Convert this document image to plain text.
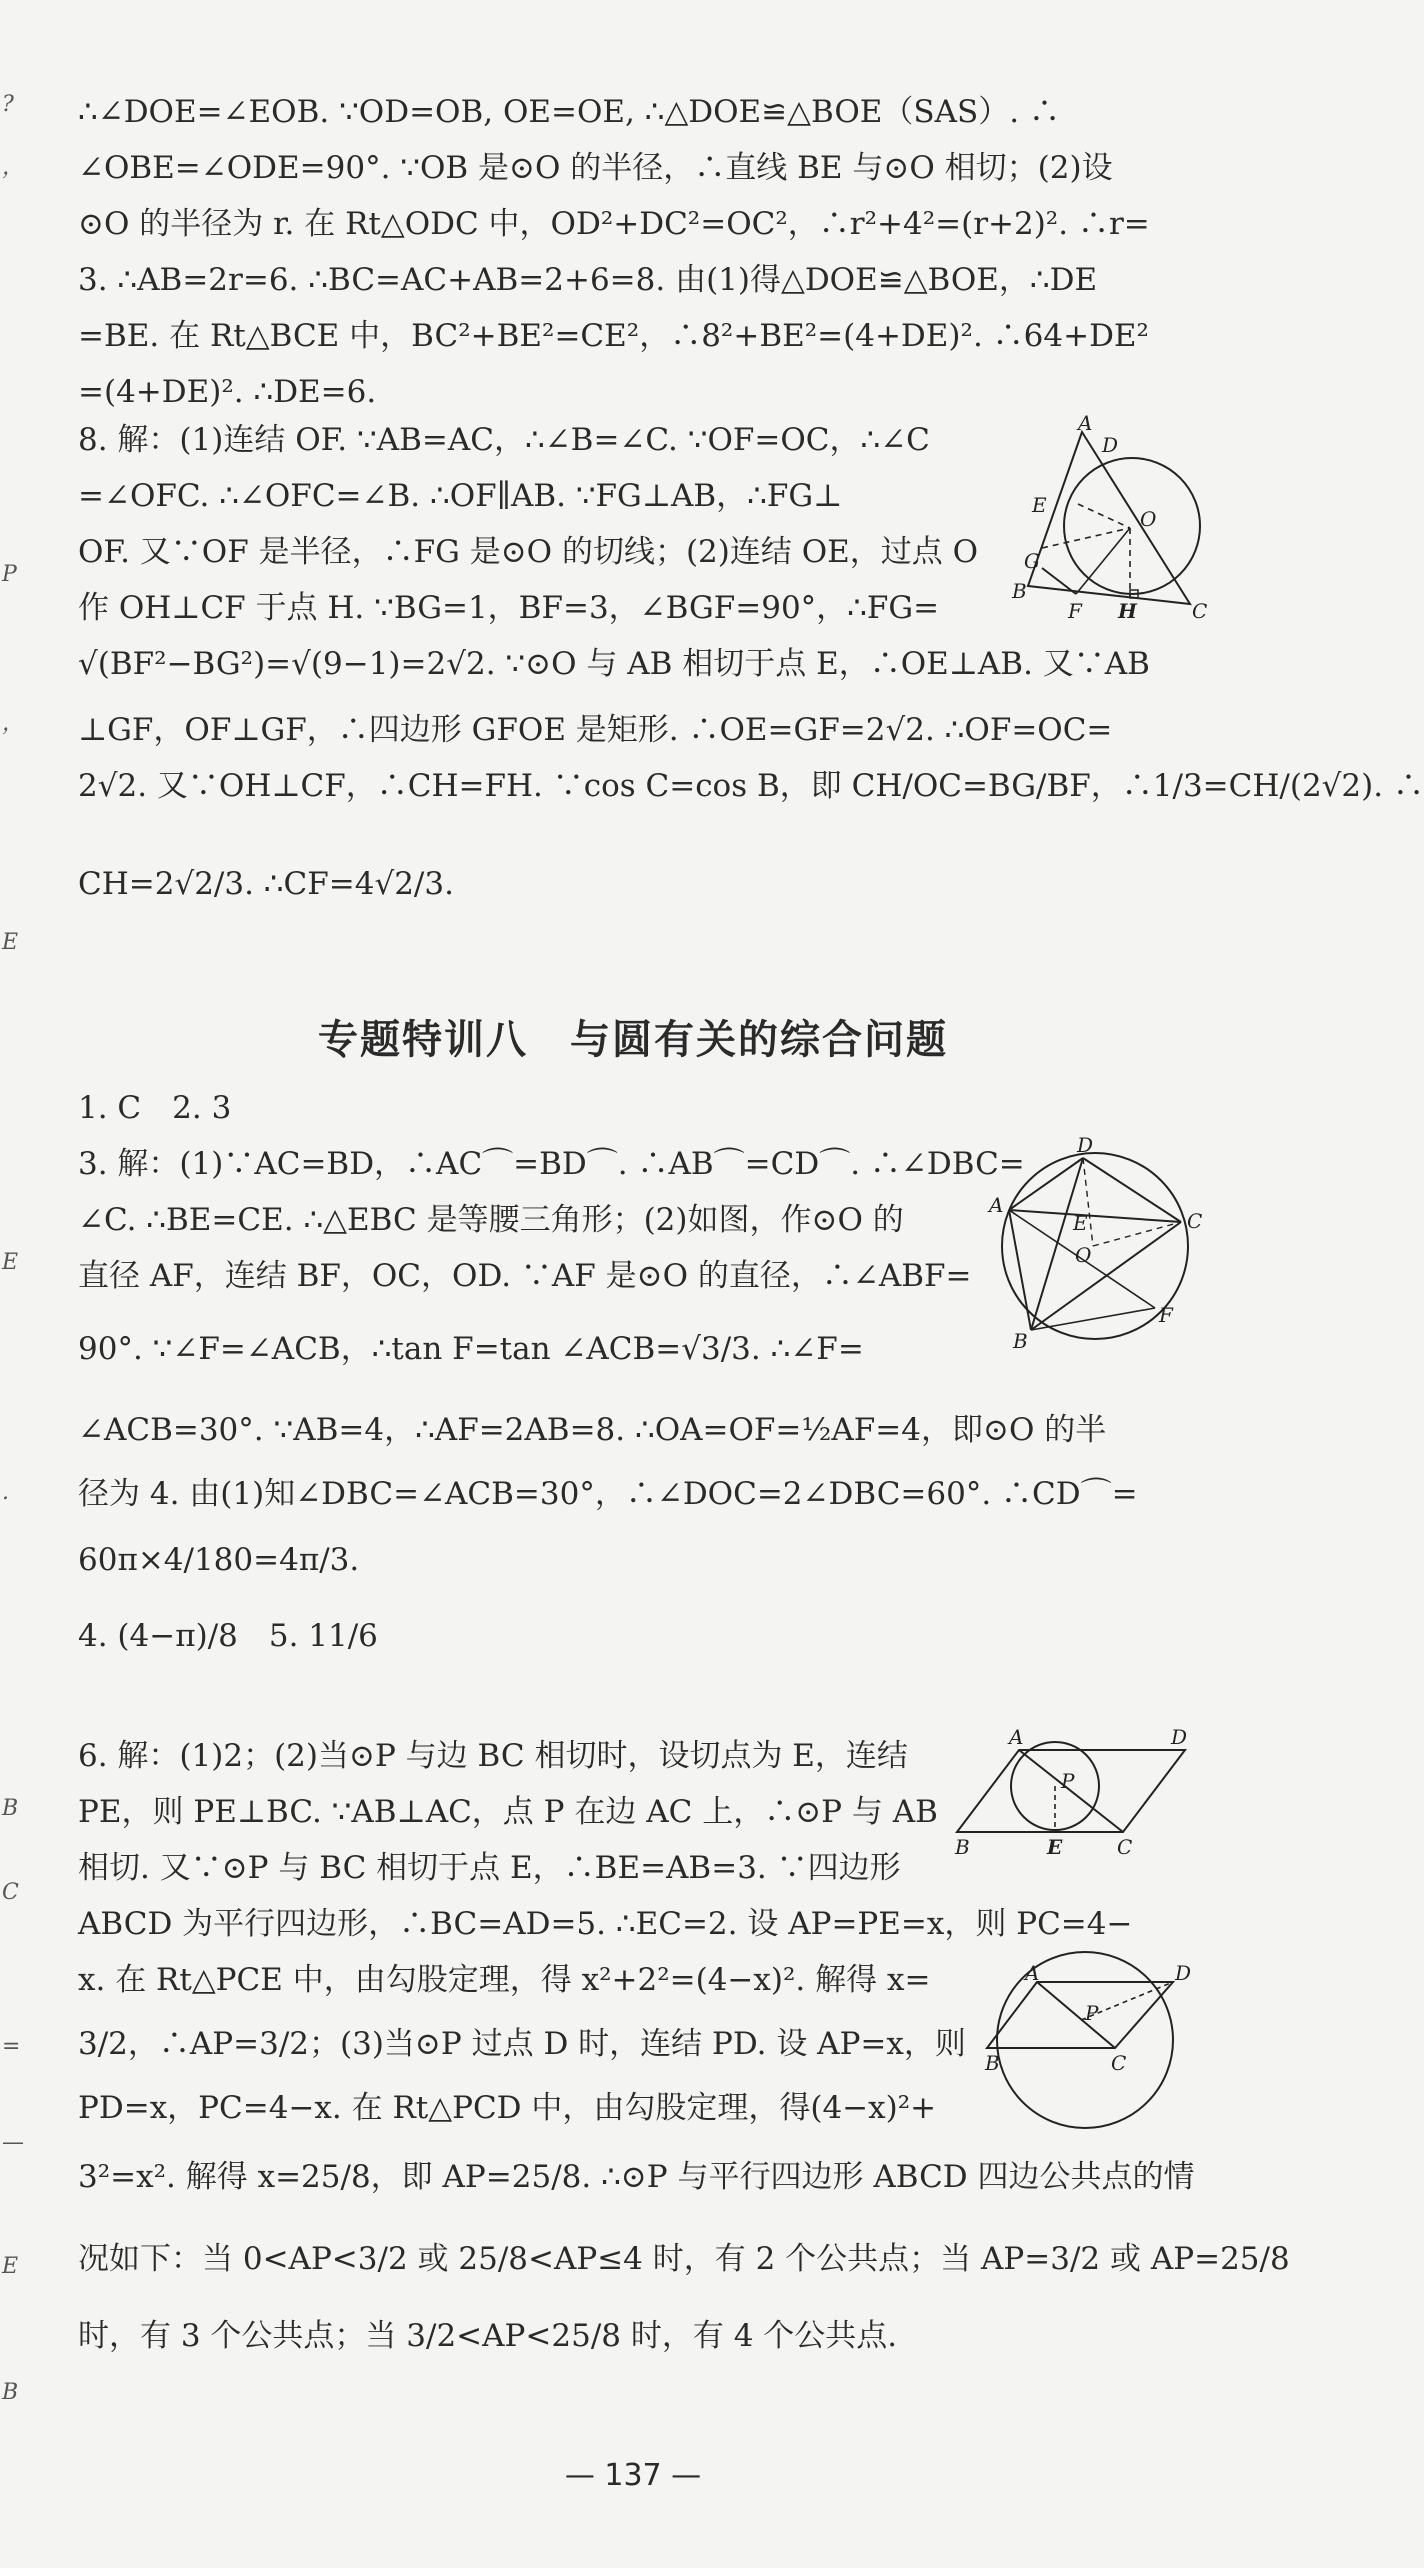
?
，
P
，
E
E
.
B
C
=
—
E
B
∴∠DOE=∠EOB. ∵OD=OB, OE=OE, ∴△DOE≌△BOE（SAS）. ∴
∠OBE=∠ODE=90°. ∵OB 是⊙O 的半径，∴直线 BE 与⊙O 相切；(2)设
⊙O 的半径为 r. 在 Rt△ODC 中，OD²+DC²=OC²，∴r²+4²=(r+2)². ∴r=
3. ∴AB=2r=6. ∴BC=AC+AB=2+6=8. 由(1)得△DOE≌△BOE，∴DE
=BE. 在 Rt△BCE 中，BC²+BE²=CE²，∴8²+BE²=(4+DE)². ∴64+DE²
=(4+DE)². ∴DE=6.
8. 解：(1)连结 OF. ∵AB=AC，∴∠B=∠C. ∵OF=OC，∴∠C
=∠OFC. ∴∠OFC=∠B. ∴OF∥AB. ∵FG⊥AB，∴FG⊥
OF. 又∵OF 是半径，∴FG 是⊙O 的切线；(2)连结 OE，过点 O
作 OH⊥CF 于点 H. ∵BG=1，BF=3，∠BGF=90°，∴FG=
√(BF²−BG²)=√(9−1)=2√2. ∵⊙O 与 AB 相切于点 E，∴OE⊥AB. 又∵AB
⊥GF，OF⊥GF，∴四边形 GFOE 是矩形. ∴OE=GF=2√2. ∴OF=OC=
2√2. 又∵OH⊥CF，∴CH=FH. ∵cos C=cos B，即 CH/OC=BG/BF，∴1/3=CH/(2√2). ∴
CH=2√2/3. ∴CF=4√2/3.
A
D
E
O
G
B
F H	C
专题特训八　与圆有关的综合问题
1. C　2. 3
3. 解：(1)∵AC=BD，∴AC⌒=BD⌒. ∴AB⌒=CD⌒. ∴∠DBC=
∠C. ∴BE=CE. ∴△EBC 是等腰三角形；(2)如图，作⊙O 的
直径 AF，连结 BF，OC，OD. ∵AF 是⊙O 的直径，∴∠ABF=
90°. ∵∠F=∠ACB，∴tan F=tan ∠ACB=√3/3. ∴∠F=
∠ACB=30°. ∵AB=4，∴AF=2AB=8. ∴OA=OF=½AF=4，即⊙O 的半
径为 4. 由(1)知∠DBC=∠ACB=30°，∴∠DOC=2∠DBC=60°. ∴CD⌒=
60π×4/180=4π/3.
4. (4−π)/8　5. 11/6
D
A
E	C
O
F
B
6. 解：(1)2；(2)当⊙P 与边 BC 相切时，设切点为 E，连结
PE，则 PE⊥BC. ∵AB⊥AC，点 P 在边 AC 上，∴⊙P 与 AB
相切. 又∵⊙P 与 BC 相切于点 E，∴BE=AB=3. ∵四边形
ABCD 为平行四边形，∴BC=AD=5. ∴EC=2. 设 AP=PE=x，则 PC=4−
x. 在 Rt△PCE 中，由勾股定理，得 x²+2²=(4−x)². 解得 x=
3/2，∴AP=3/2；(3)当⊙P 过点 D 时，连结 PD. 设 AP=x，则
PD=x，PC=4−x. 在 Rt△PCD 中，由勾股定理，得(4−x)²+
3²=x². 解得 x=25/8，即 AP=25/8. ∴⊙P 与平行四边形 ABCD 四边公共点的情
况如下：当 0<AP<3/2 或 25/8<AP≤4 时，有 2 个公共点；当 AP=3/2 或 AP=25/8
时，有 3 个公共点；当 3/2<AP<25/8 时，有 4 个公共点.
A	D
P
B	E	C
A	D
P
B	C
— 137 —
